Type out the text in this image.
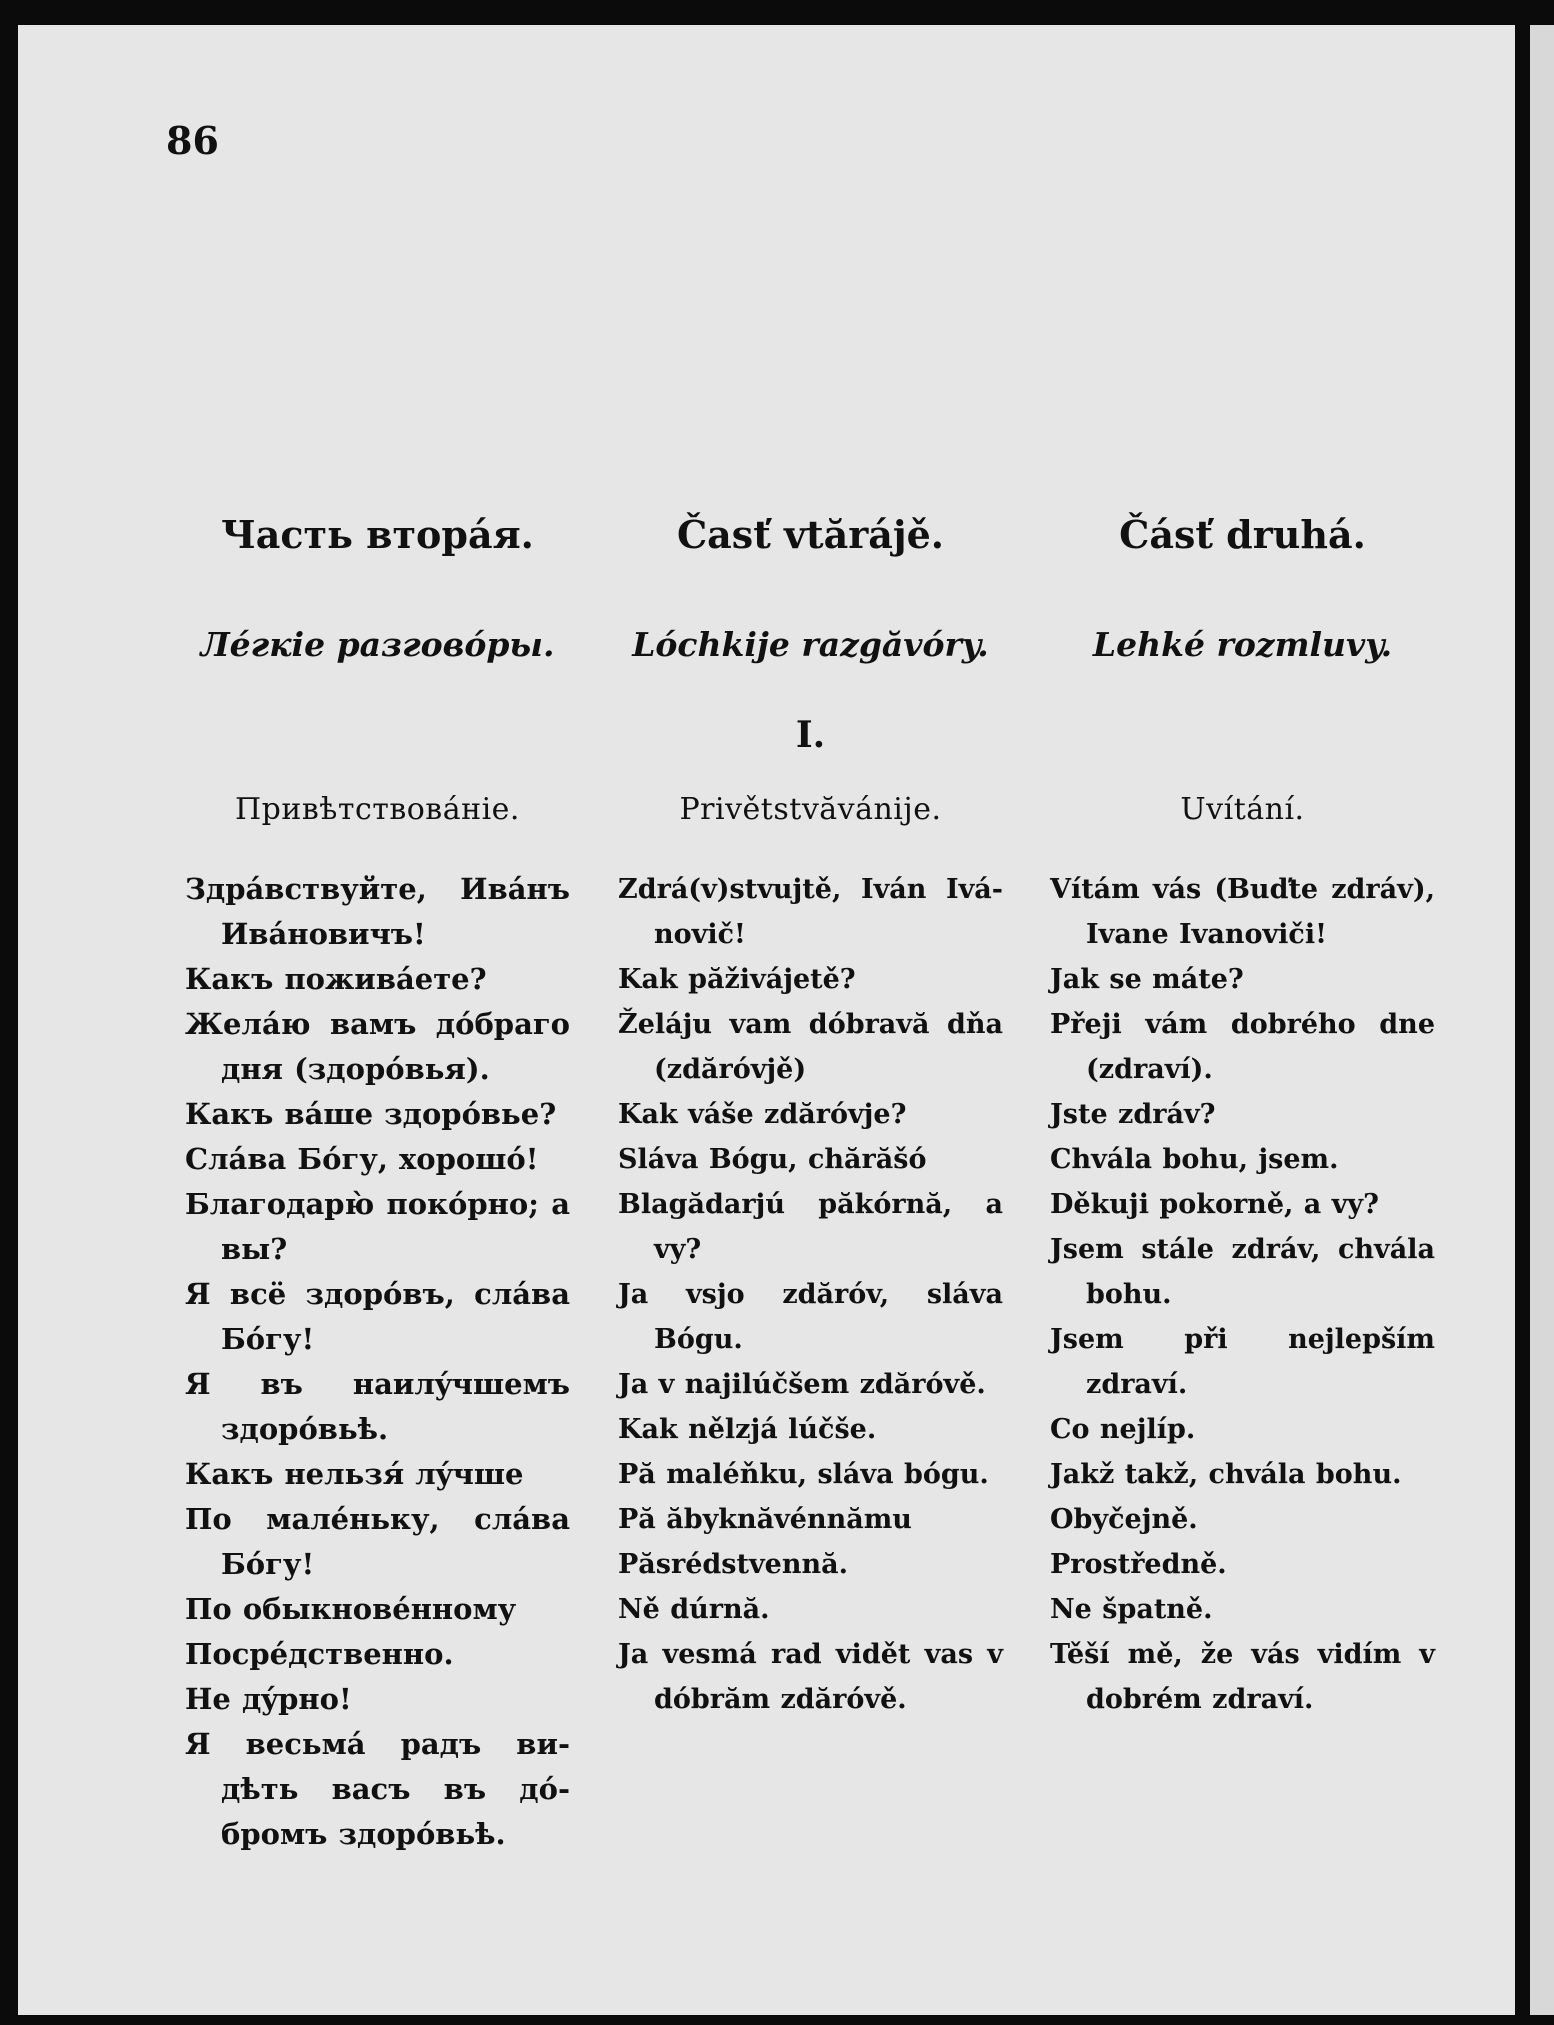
86
Часть вторáя.
Лéгкiе разговóры.
Привѣтствовáнiе.
Здрáвствуйте, Ивáнъ Ивáновичъ!
Какъ поживáете?
Желáю вамъ дóбраго дня (здорóвья).
Какъ вáше здорóвье?
Слáва Бóгу, хорошó!
Благодарю̀ покóрно; а вы?
Я всё здорóвъ, слáва Бóгу!
Я въ наилýчшемъ здорóвьѣ.
Какъ нельзя́ лýчше
По малéньку, слáва Бóгу!
По обыкновéнному
Посрéдственно.
Не дýрно!
Я весьмá радъ ви-дѣть васъ въ дó-бромъ здорóвьѣ.
Časť vtărájě.
Lóchkije razgăvóry.
I.
Privětstvăvánije.
Zdrá(v)stvujtě, Iván Ivá-novič!
Kak păživájetě?
Želáju vam dóbravă dňa (zdăróvjě)
Kak váše zdăróvje?
Sláva Bógu, chărăšó
Blagădarjú păkórnă, a vy?
Ja vsjo zdăróv, sláva Bógu.
Ja v najilúčšem zdăróvě.
Kak nělzjá lúčše.
Pă maléňku, sláva bógu.
Pă ăbyknăvénnămu
Păsrédstvennă.
Ně dúrnă.
Ja vesmá rad vidět vas v dóbrăm zdăróvě.
Čásť druhá.
Lehké rozmluvy.
Uvítání.
Vítám vás (Buďte zdráv), Ivane Ivanoviči!
Jak se máte?
Přeji vám dobrého dne (zdraví).
Jste zdráv?
Chvála bohu, jsem.
Děkuji pokorně, a vy?
Jsem stále zdráv, chvála bohu.
Jsem při nejlepším zdraví.
Co nejlíp.
Jakž takž, chvála bohu.
Obyčejně.
Prostředně.
Ne špatně.
Těší mě, že vás vidím v dobrém zdraví.
